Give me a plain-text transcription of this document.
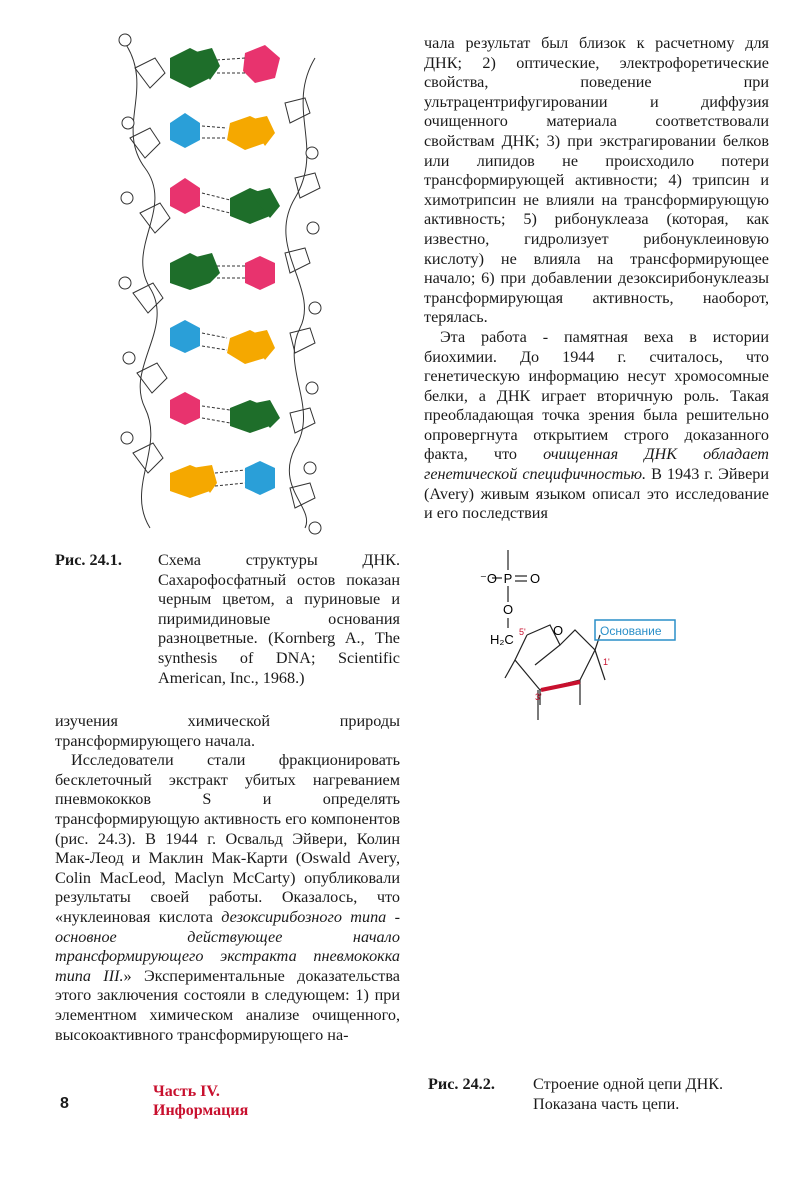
чала результат был близок к расчетному для ДНК; 2) оптические, электрофоретические свойства, поведение при ультрацентрифугировании и диффузия очищенного материала соответствовали свойствам ДНК; 3) при экстрагировании белков или липидов не происходило потери трансформирующей активности; 4) трипсин и химотрипсин не влияли на трансформирующую активность; 5) рибонуклеаза (которая, как известно, гидролизует рибонуклеиновую кислоту) не влияла на трансформирующее начало; 6) при добавлении дезоксирибонуклеазы трансформирующая активность, наоборот, терялась.

Эта работа - памятная веха в истории биохимии. До 1944 г. считалось, что генетическую информацию несут хромосомные белки, а ДНК играет вторичную роль. Такая преобладающая точка зрения была решительно опровергнута открытием строго доказанного факта, что очищенная ДНК обладает генетической специфичностью. В 1943 г. Эйвери (Avery) живым языком описал это исследование и его последствия

Рис. 24.1. Схема структуры ДНК. Сахарофосфатный остов показан черным цветом, а пуриновые и пиримидиновые основания разноцветные. (Kornberg A., The synthesis of DNA; Scientific American, Inc., 1968.)

изучения химической природы трансформирующего начала.

Исследователи стали фракционировать бесклеточный экстракт убитых нагреванием пневмококков S и определять трансформирующую активность его компонентов (рис. 24.3). В 1944 г. Освальд Эйвери, Колин Мак-Леод и Маклин Мак-Карти (Oswald Avery, Colin MacLeod, Maclyn McCarty) опубликовали результаты своей работы. Оказалось, что «нуклеиновая кислота дезоксирибозного типа - основное действующее начало трансформирующего экстракта пневмококка типа III.» Экспериментальные доказательства этого заключения состояли в следующем: 1) при элементном химическом анализе очищенного, высокоактивного трансформирующего на-

P
⁻O	O
O
H₂C 5' O
1'
3'
Основание
Рис. 24.2. Строение одной цепи ДНК. Показана часть цепи.
8
Часть IV.
Информация
